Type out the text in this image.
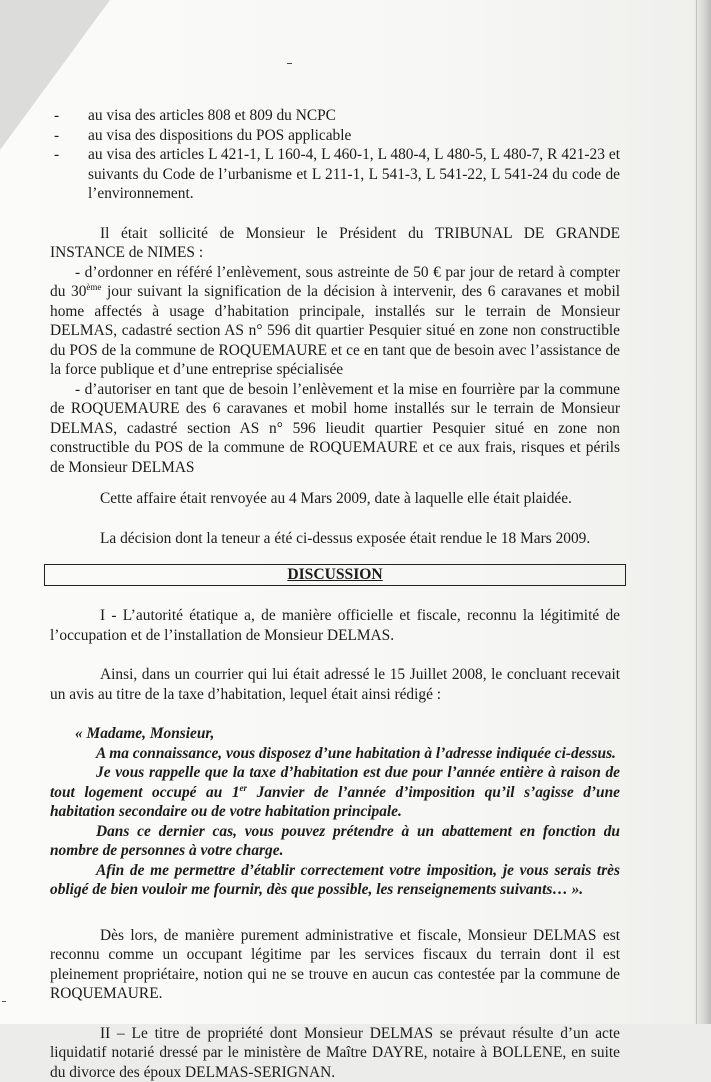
- au visa des articles 808 et 809 du NCPC
- au visa des dispositions du POS applicable
- au visa des articles L 421-1, L 160-4, L 460-1, L 480-4, L 480-5, L 480-7, R 421-23 et suivants du Code de l’urbanisme et L 211-1, L 541-3, L 541-22, L 541-24 du code de l’environnement.

Il était sollicité de Monsieur le Président du TRIBUNAL DE GRANDE INSTANCE de NIMES :

- d’ordonner en référé l’enlèvement, sous astreinte de 50 € par jour de retard à compter du 30ème jour suivant la signification de la décision à intervenir, des 6 caravanes et mobil home affectés à usage d’habitation principale, installés sur le terrain de Monsieur DELMAS, cadastré section AS n° 596 dit quartier Pesquier situé en zone non constructible du POS de la commune de ROQUEMAURE et ce en tant que de besoin avec l’assistance de la force publique et d’une entreprise spécialisée

- d’autoriser en tant que de besoin l’enlèvement et la mise en fourrière par la commune de ROQUEMAURE des 6 caravanes et mobil home installés sur le terrain de Monsieur DELMAS, cadastré section AS n° 596 lieudit quartier Pesquier situé en zone non constructible du POS de la commune de ROQUEMAURE et ce aux frais, risques et périls de Monsieur DELMAS

Cette affaire était renvoyée au 4 Mars 2009, date à laquelle elle était plaidée.

La décision dont la teneur a été ci-dessus exposée était rendue le 18 Mars 2009.

DISCUSSION

I - L’autorité étatique a, de manière officielle et fiscale, reconnu la légitimité de l’occupation et de l’installation de Monsieur DELMAS.

Ainsi, dans un courrier qui lui était adressé le 15 Juillet 2008, le concluant recevait un avis au titre de la taxe d’habitation, lequel était ainsi rédigé :

« Madame, Monsieur,

A ma connaissance, vous disposez d’une habitation à l’adresse indiquée ci-dessus.

Je vous rappelle que la taxe d’habitation est due pour l’année entière à raison de tout logement occupé au 1er Janvier de l’année d’imposition qu’il s’agisse d’une habitation secondaire ou de votre habitation principale.

Dans ce dernier cas, vous pouvez prétendre à un abattement en fonction du nombre de personnes à votre charge.

Afin de me permettre d’établir correctement votre imposition, je vous serais très obligé de bien vouloir me fournir, dès que possible, les renseignements suivants… ».

Dès lors, de manière purement administrative et fiscale, Monsieur DELMAS est reconnu comme un occupant légitime par les services fiscaux du terrain dont il est pleinement propriétaire, notion qui ne se trouve en aucun cas contestée par la commune de ROQUEMAURE.

II – Le titre de propriété dont Monsieur DELMAS se prévaut résulte d’un acte liquidatif notarié dressé par le ministère de Maître DAYRE, notaire à BOLLENE, en suite du divorce des époux DELMAS-SERIGNAN.
